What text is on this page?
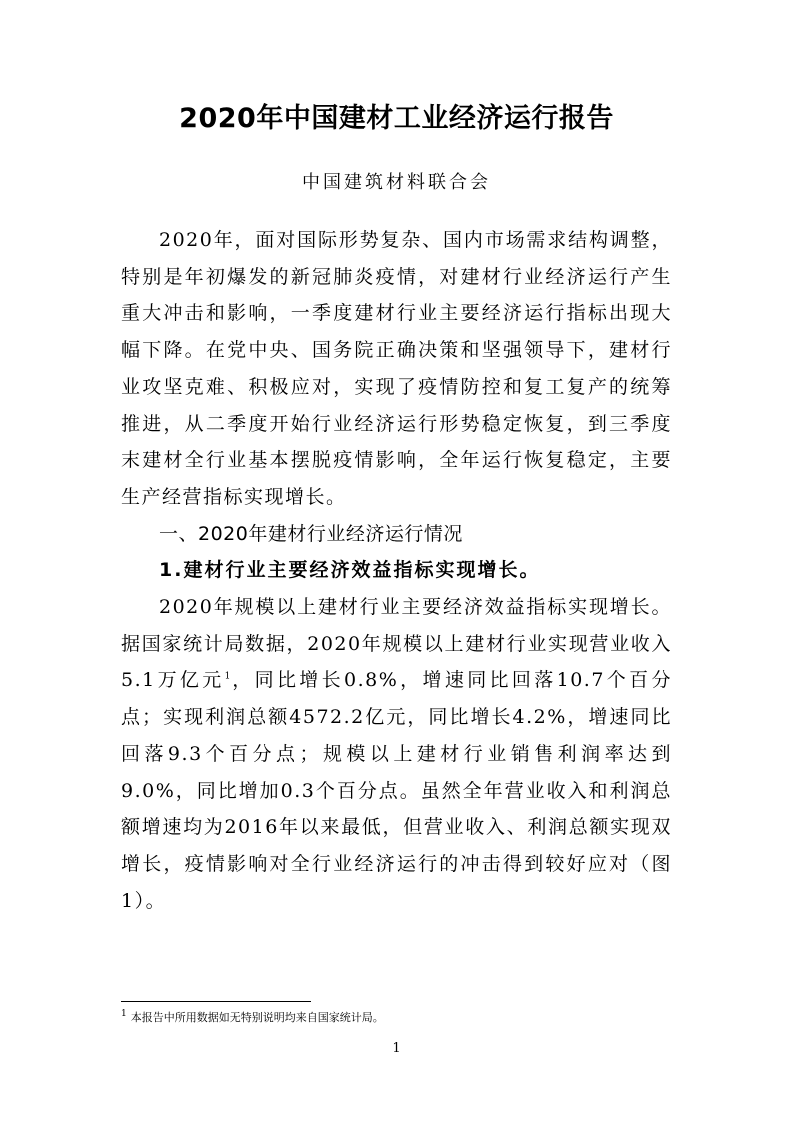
2020年中国建材工业经济运行报告
中国建筑材料联合会

2020年，面对国际形势复杂、国内市场需求结构调整，特别是年初爆发的新冠肺炎疫情，对建材行业经济运行产生重大冲击和影响，一季度建材行业主要经济运行指标出现大幅下降。在党中央、国务院正确决策和坚强领导下，建材行业攻坚克难、积极应对，实现了疫情防控和复工复产的统筹推进，从二季度开始行业经济运行形势稳定恢复，到三季度末建材全行业基本摆脱疫情影响，全年运行恢复稳定，主要生产经营指标实现增长。

一、2020年建材行业经济运行情况
1.建材行业主要经济效益指标实现增长。

2020年规模以上建材行业主要经济效益指标实现增长。据国家统计局数据，2020年规模以上建材行业实现营业收入5.1万亿元$^1$，同比增长0.8%，增速同比回落10.7个百分点；实现利润总额4572.2亿元，同比增长4.2%，增速同比回落9.3个百分点；规模以上建材行业销售利润率达到9.0%，同比增加0.3个百分点。虽然全年营业收入和利润总额增速均为2016年以来最低，但营业收入、利润总额实现双增长，疫情影响对全行业经济运行的冲击得到较好应对（图1）。

$^1$ 本报告中所用数据如无特别说明均来自国家统计局。
1
